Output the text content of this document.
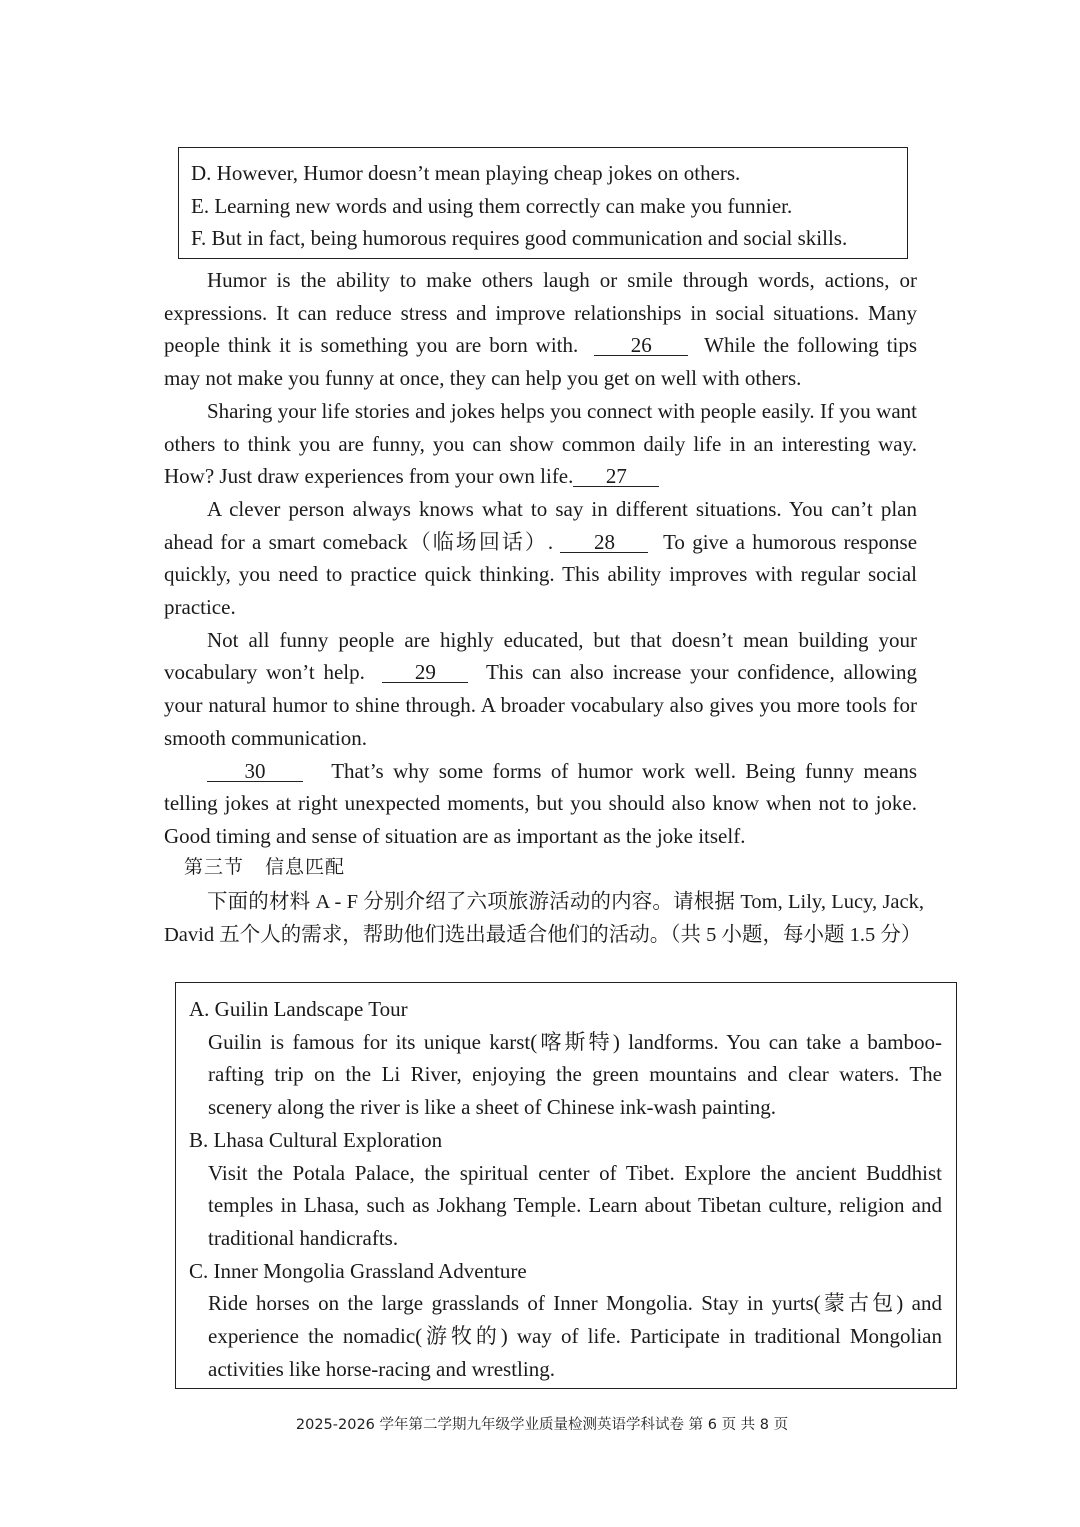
D. However, Humor doesn’t mean playing cheap jokes on others.
E. Learning new words and using them correctly can make you funnier.
F. But in fact, being humorous requires good communication and social skills.

Humor is the ability to make others laugh or smile through words, actions, or expressions. It can reduce stress and improve relationships in social situations. Many people think it is something you are born with. 26 While the following tips may not make you funny at once, they can help you get on well with others.

Sharing your life stories and jokes helps you connect with people easily. If you want others to think you are funny, you can show common daily life in an interesting way. How? Just draw experiences from your own life. 27

A clever person always knows what to say in different situations. You can’t plan ahead for a smart comeback（临场回话）. 28 To give a humorous response quickly, you need to practice quick thinking. This ability improves with regular social practice.

Not all funny people are highly educated, but that doesn’t mean building your vocabulary won’t help. 29 This can also increase your confidence, allowing your natural humor to shine through. A broader vocabulary also gives you more tools for smooth communication.

30	That’s why some forms of humor work well. Being funny means telling jokes at right unexpected moments, but you should also know when not to joke. Good timing and sense of situation are as important as the joke itself.

第三节 信息匹配
下面的材料 A - F 分别介绍了六项旅游活动的内容。请根据 Tom, Lily, Lucy, Jack, David 五个人的需求，帮助他们选出最适合他们的活动。（共 5 小题，每小题 1.5 分）
A. Guilin Landscape Tour
Guilin is famous for its unique karst(喀斯特) landforms. You can take a bamboo-rafting trip on the Li River, enjoying the green mountains and clear waters. The scenery along the river is like a sheet of Chinese ink-wash painting.
B. Lhasa Cultural Exploration
Visit the Potala Palace, the spiritual center of Tibet. Explore the ancient Buddhist temples in Lhasa, such as Jokhang Temple. Learn about Tibetan culture, religion and traditional handicrafts.
C. Inner Mongolia Grassland Adventure
Ride horses on the large grasslands of Inner Mongolia. Stay in yurts(蒙古包) and experience the nomadic(游牧的) way of life. Participate in traditional Mongolian activities like horse-racing and wrestling.
2025-2026 学年第二学期九年级学业质量检测英语学科试卷 第 6 页 共 8 页
